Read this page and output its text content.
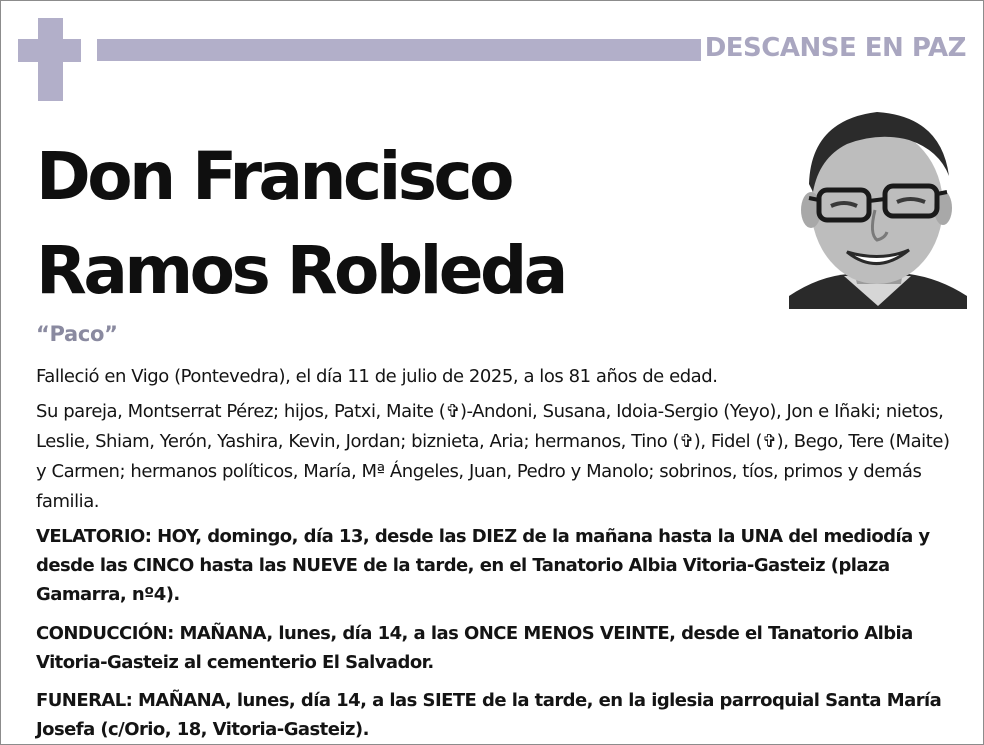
DESCANSE EN PAZ
Don Francisco
Ramos Robleda
“Paco”
Falleció en Vigo (Pontevedra), el día 11 de julio de 2025, a los 81 años de edad.
Su pareja, Montserrat Pérez; hijos, Patxi, Maite (✞)-Andoni, Susana, Idoia-Sergio (Yeyo), Jon e Iñaki; nietos, Leslie, Shiam, Yerón, Yashira, Kevin, Jordan; biznieta, Aria; hermanos, Tino (✞), Fidel (✞), Bego, Tere (Maite) y Carmen; hermanos políticos, María, Mª Ángeles, Juan, Pedro y Manolo; sobrinos, tíos, primos y demás familia.
VELATORIO: HOY, domingo, día 13, desde las DIEZ de la mañana hasta la UNA del mediodía y desde las CINCO hasta las NUEVE de la tarde, en el Tanatorio Albia Vitoria-Gasteiz (plaza Gamarra, nº4).
CONDUCCIÓN: MAÑANA, lunes, día 14, a las ONCE MENOS VEINTE, desde el Tanatorio Albia Vitoria-Gasteiz al cementerio El Salvador.
FUNERAL: MAÑANA, lunes, día 14, a las SIETE de la tarde, en la iglesia parroquial Santa María Josefa (c/Orio, 18, Vitoria-Gasteiz).
